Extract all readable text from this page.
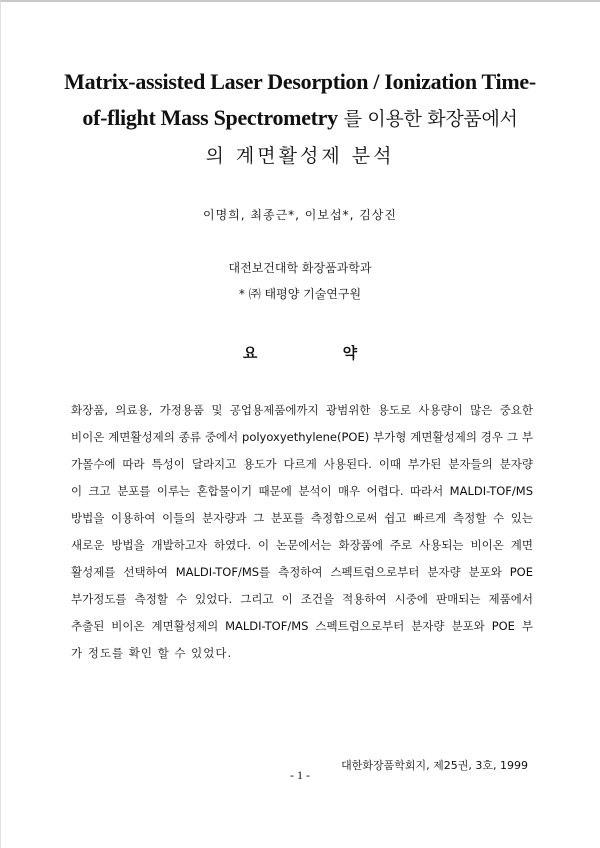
Matrix-assisted Laser Desorption / Ionization Time-
of-flight Mass Spectrometry 를 이용한 화장품에서
의 계면활성제 분석
이명희, 최종근*, 이보섭*, 김상진
대전보건대학 화장품과학과
* ㈜ 태평양 기술연구원
요 약
화장품, 의료용, 가정용품 및 공업용제품에까지 광범위한 용도로 사용량이 많은 중요한
비이온 계면활성제의 종류 중에서 polyoxyethylene(POE) 부가형 계면활성제의 경우 그 부
가몰수에 따라 특성이 달라지고 용도가 다르게 사용된다. 이때 부가된 분자들의 분자량
이 크고 분포를 이루는 혼합물이기 때문에 분석이 매우 어렵다. 따라서 MALDI-TOF/MS
방법을 이용하여 이들의 분자량과 그 분포를 측정함으로써 쉽고 빠르게 측정할 수 있는
새로운 방법을 개발하고자 하였다. 이 논문에서는 화장품에 주로 사용되는 비이온 계면
활성제를 선택하여 MALDI-TOF/MS를 측정하여 스펙트럼으로부터 분자량 분포와 POE
부가정도를 측정할 수 있었다. 그리고 이 조건을 적용하여 시중에 판매되는 제품에서
추출된 비이온 계면활성제의 MALDI-TOF/MS 스펙트럼으로부터 분자량 분포와 POE 부
가 정도를 확인 할 수 있었다.
대한화장품학회지, 제25권, 3호, 1999
- 1 -
